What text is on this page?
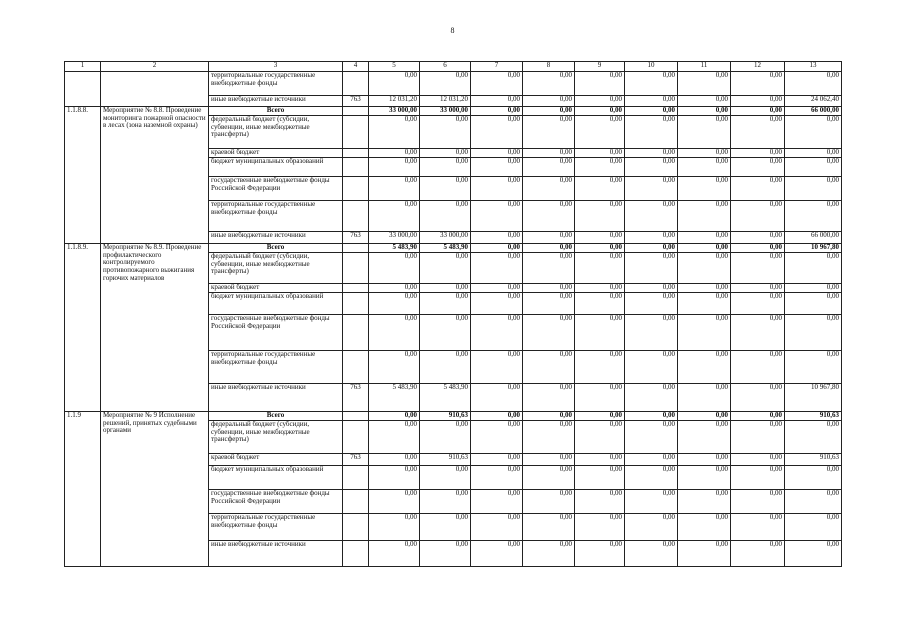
8
1	2	3	4	5	6	7	8	9	10	11	12	13
		территориальные государственные внебюджетные фонды		0,00	0,00	0,00	0,00	0,00	0,00	0,00	0,00	0,00
		иные внебюджетные источники	763	12 031,20	12 031,20	0,00	0,00	0,00	0,00	0,00	0,00	24 062,40
1.1.8.8.	Мероприятие № 8.8. Проведение мониторинга пожарной опасности в лесах (зона наземной охраны)	Всего		33 000,00	33 000,00	0,00	0,00	0,00	0,00	0,00	0,00	66 000,00
		федеральный бюджет (субсидии, субвенции, иные межбюджетные трансферты)		0,00	0,00	0,00	0,00	0,00	0,00	0,00	0,00	0,00
		краевой бюджет		0,00	0,00	0,00	0,00	0,00	0,00	0,00	0,00	0,00
		бюджет муниципальных образований		0,00	0,00	0,00	0,00	0,00	0,00	0,00	0,00	0,00
		государственные внебюджетные фонды Российской Федерации		0,00	0,00	0,00	0,00	0,00	0,00	0,00	0,00	0,00
		территориальные государственные внебюджетные фонды		0,00	0,00	0,00	0,00	0,00	0,00	0,00	0,00	0,00
		иные внебюджетные источники	763	33 000,00	33 000,00	0,00	0,00	0,00	0,00	0,00	0,00	66 000,00
1.1.8.9.	Мероприятие № 8.9. Проведение профилактического контролируемого противопожарного выжигания горючих материалов	Всего		5 483,90	5 483,90	0,00	0,00	0,00	0,00	0,00	0,00	10 967,80
		федеральный бюджет (субсидии, субвенции, иные межбюджетные трансферты)		0,00	0,00	0,00	0,00	0,00	0,00	0,00	0,00	0,00
		краевой бюджет		0,00	0,00	0,00	0,00	0,00	0,00	0,00	0,00	0,00
		бюджет муниципальных образований		0,00	0,00	0,00	0,00	0,00	0,00	0,00	0,00	0,00
		государственные внебюджетные фонды Российской Федерации		0,00	0,00	0,00	0,00	0,00	0,00	0,00	0,00	0,00
		территориальные государственные внебюджетные фонды		0,00	0,00	0,00	0,00	0,00	0,00	0,00	0,00	0,00
		иные внебюджетные источники	763	5 483,90	5 483,90	0,00	0,00	0,00	0,00	0,00	0,00	10 967,80
1.1.9	Мероприятие № 9 Исполнение решений, принятых судебными органами	Всего		0,00	910,63	0,00	0,00	0,00	0,00	0,00	0,00	910,63
		федеральный бюджет (субсидии, субвенции, иные межбюджетные трансферты)		0,00	0,00	0,00	0,00	0,00	0,00	0,00	0,00	0,00
		краевой бюджет	763	0,00	910,63	0,00	0,00	0,00	0,00	0,00	0,00	910,63
		бюджет муниципальных образований		0,00	0,00	0,00	0,00	0,00	0,00	0,00	0,00	0,00
		государственные внебюджетные фонды Российской Федерации		0,00	0,00	0,00	0,00	0,00	0,00	0,00	0,00	0,00
		территориальные государственные внебюджетные фонды		0,00	0,00	0,00	0,00	0,00	0,00	0,00	0,00	0,00
		иные внебюджетные источники		0,00	0,00	0,00	0,00	0,00	0,00	0,00	0,00	0,00
